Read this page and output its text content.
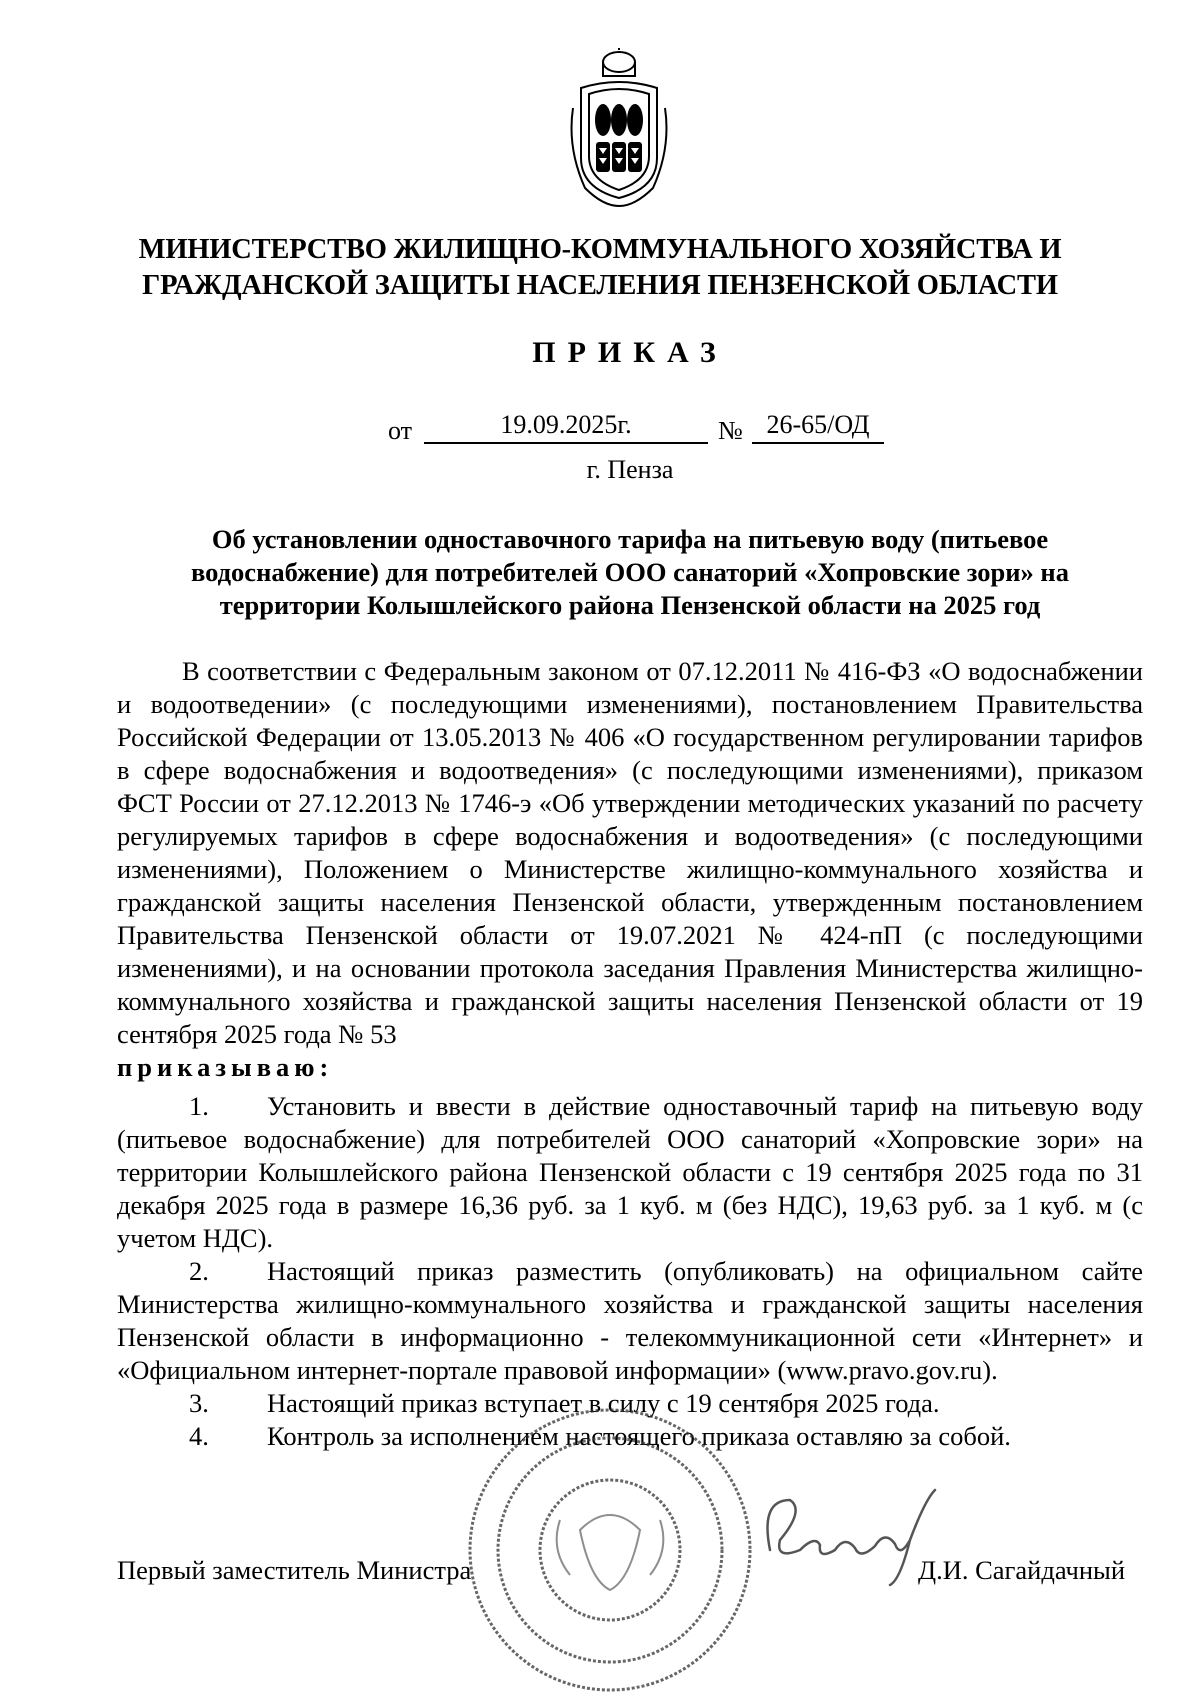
МИНИСТЕРСТВО ЖИЛИЩНО-КОММУНАЛЬНОГО ХОЗЯЙСТВА И
ГРАЖДАНСКОЙ ЗАЩИТЫ НАСЕЛЕНИЯ ПЕНЗЕНСКОЙ ОБЛАСТИ
ПРИКАЗ
от	19.09.2025г.	№ 26-65/ОД
г. Пенза
Об установлении одноставочного тарифа на питьевую воду (питьевое
водоснабжение) для потребителей ООО санаторий «Хопровские зори» на
территории Колышлейского района Пензенской области на 2025 год

В соответствии с Федеральным законом от 07.12.2011 № 416-ФЗ «О водоснабжении и водоотведении» (с последующими изменениями), постановлением Правительства Российской Федерации от 13.05.2013 № 406 «О государственном регулировании тарифов в сфере водоснабжения и водоотведения» (с последующими изменениями), приказом ФСТ России от 27.12.2013 № 1746-э «Об утверждении методических указаний по расчету регулируемых тарифов в сфере водоснабжения и водоотведения» (с последующими изменениями), Положением о Министерстве жилищно-коммунального хозяйства и гражданской защиты населения Пензенской области, утвержденным постановлением Правительства Пензенской области от 19.07.2021 № 424-пП (с последующими изменениями), и на основании протокола заседания Правления Министерства жилищно-коммунального хозяйства и гражданской защиты населения Пензенской области от 19 сентября 2025 года № 53

приказываю:

1. Установить и ввести в действие одноставочный тариф на питьевую воду (питьевое водоснабжение) для потребителей ООО санаторий «Хопровские зори» на территории Колышлейского района Пензенской области с 19 сентября 2025 года по 31 декабря 2025 года в размере 16,36 руб. за 1 куб. м (без НДС), 19,63 руб. за 1 куб. м (с учетом НДС).

2. Настоящий приказ разместить (опубликовать) на официальном сайте Министерства жилищно-коммунального хозяйства и гражданской защиты населения Пензенской области в информационно - телекоммуникационной сети «Интернет» и «Официальном интернет-портале правовой информации» (www.pravo.gov.ru).

3. Настоящий приказ вступает в силу с 19 сентября 2025 года.

4. Контроль за исполнением настоящего приказа оставляю за собой.

Первый заместитель Министра	Д.И. Сагайдачный
